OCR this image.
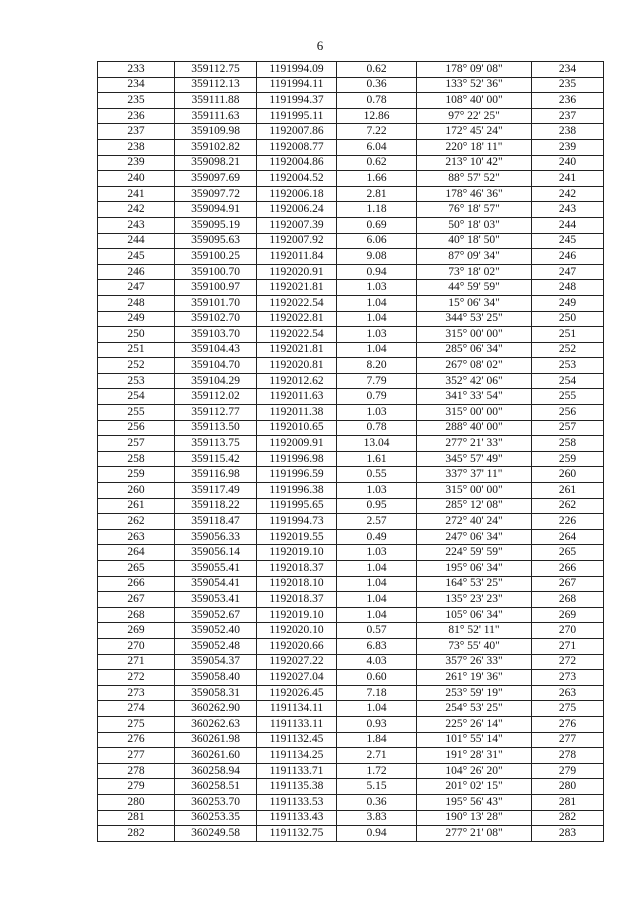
6
233	359112.75	1191994.09	0.62	178° 09' 08"	234
234	359112.13	1191994.11	0.36	133° 52' 36"	235
235	359111.88	1191994.37	0.78	108° 40' 00"	236
236	359111.63	1191995.11	12.86	97° 22' 25"	237
237	359109.98	1192007.86	7.22	172° 45' 24"	238
238	359102.82	1192008.77	6.04	220° 18' 11"	239
239	359098.21	1192004.86	0.62	213° 10' 42"	240
240	359097.69	1192004.52	1.66	88° 57' 52"	241
241	359097.72	1192006.18	2.81	178° 46' 36"	242
242	359094.91	1192006.24	1.18	76° 18' 57"	243
243	359095.19	1192007.39	0.69	50° 18' 03"	244
244	359095.63	1192007.92	6.06	40° 18' 50"	245
245	359100.25	1192011.84	9.08	87° 09' 34"	246
246	359100.70	1192020.91	0.94	73° 18' 02"	247
247	359100.97	1192021.81	1.03	44° 59' 59"	248
248	359101.70	1192022.54	1.04	15° 06' 34"	249
249	359102.70	1192022.81	1.04	344° 53' 25"	250
250	359103.70	1192022.54	1.03	315° 00' 00"	251
251	359104.43	1192021.81	1.04	285° 06' 34"	252
252	359104.70	1192020.81	8.20	267° 08' 02"	253
253	359104.29	1192012.62	7.79	352° 42' 06"	254
254	359112.02	1192011.63	0.79	341° 33' 54"	255
255	359112.77	1192011.38	1.03	315° 00' 00"	256
256	359113.50	1192010.65	0.78	288° 40' 00"	257
257	359113.75	1192009.91	13.04	277° 21' 33"	258
258	359115.42	1191996.98	1.61	345° 57' 49"	259
259	359116.98	1191996.59	0.55	337° 37' 11"	260
260	359117.49	1191996.38	1.03	315° 00' 00"	261
261	359118.22	1191995.65	0.95	285° 12' 08"	262
262	359118.47	1191994.73	2.57	272° 40' 24"	226
263	359056.33	1192019.55	0.49	247° 06' 34"	264
264	359056.14	1192019.10	1.03	224° 59' 59"	265
265	359055.41	1192018.37	1.04	195° 06' 34"	266
266	359054.41	1192018.10	1.04	164° 53' 25"	267
267	359053.41	1192018.37	1.04	135° 23' 23"	268
268	359052.67	1192019.10	1.04	105° 06' 34"	269
269	359052.40	1192020.10	0.57	81° 52' 11"	270
270	359052.48	1192020.66	6.83	73° 55' 40"	271
271	359054.37	1192027.22	4.03	357° 26' 33"	272
272	359058.40	1192027.04	0.60	261° 19' 36"	273
273	359058.31	1192026.45	7.18	253° 59' 19"	263
274	360262.90	1191134.11	1.04	254° 53' 25"	275
275	360262.63	1191133.11	0.93	225° 26' 14"	276
276	360261.98	1191132.45	1.84	101° 55' 14"	277
277	360261.60	1191134.25	2.71	191° 28' 31"	278
278	360258.94	1191133.71	1.72	104° 26' 20"	279
279	360258.51	1191135.38	5.15	201° 02' 15"	280
280	360253.70	1191133.53	0.36	195° 56' 43"	281
281	360253.35	1191133.43	3.83	190° 13' 28"	282
282	360249.58	1191132.75	0.94	277° 21' 08"	283
